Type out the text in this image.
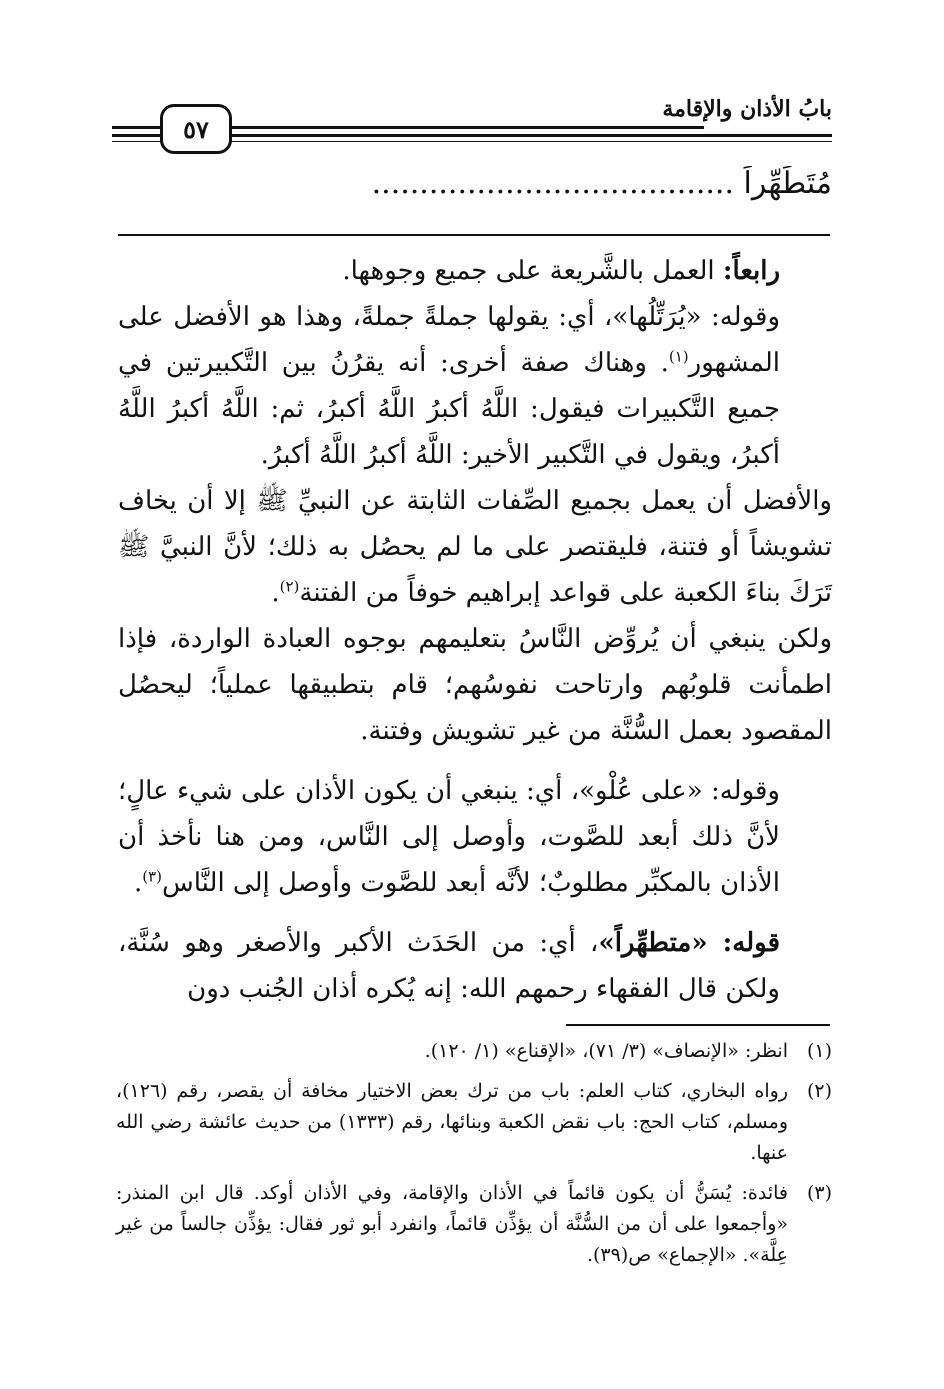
بابُ الأذان والإقامة
٥٧
مُتَطَهِّراً ......................................

رابعاً: العمل بالشَّريعة على جميع وجوهها.

وقوله: «يُرَتِّلُها»، أي: يقولها جملةً جملةً، وهذا هو الأفضل على المشهور$^{(١)}$. وهناك صفة أخرى: أنه يقرُنُ بين التَّكبيرتين في جميع التَّكبيرات فيقول: اللَّهُ أكبرُ اللَّهُ أكبرُ، ثم: اللَّهُ أكبرُ اللَّهُ أكبرُ، ويقول في التَّكبير الأخير: اللَّهُ أكبرُ اللَّهُ أكبرُ.

والأفضل أن يعمل بجميع الصِّفات الثابتة عن النبيِّ ﷺ إلا أن يخاف تشويشاً أو فتنة، فليقتصر على ما لم يحصُل به ذلك؛ لأنَّ النبيَّ ﷺ تَرَكَ بناءَ الكعبة على قواعد إبراهيم خوفاً من الفتنة$^{(٢)}$.

ولكن ينبغي أن يُروِّض النَّاسُ بتعليمهم بوجوه العبادة الواردة، فإذا اطمأنت قلوبُهم وارتاحت نفوسُهم؛ قام بتطبيقها عملياً؛ ليحصُل المقصود بعمل السُّنَّة من غير تشويش وفتنة.

وقوله: «على عُلْو»، أي: ينبغي أن يكون الأذان على شيء عالٍ؛ لأنَّ ذلك أبعد للصَّوت، وأوصل إلى النَّاس، ومن هنا نأخذ أن الأذان بالمكبِّر مطلوبٌ؛ لأنَّه أبعد للصَّوت وأوصل إلى النَّاس$^{(٣)}$.

قوله: «متطهِّراً»، أي: من الحَدَث الأكبر والأصغر وهو سُنَّة، ولكن قال الفقهاء رحمهم الله: إنه يُكره أذان الجُنب دون

(١)
انظر: «الإنصاف» (٣/ ٧١)، «الإقناع» (١/ ١٢٠).
(٢)
رواه البخاري، كتاب العلم: باب من ترك بعض الاختيار مخافة أن يقصر، رقم (١٢٦)، ومسلم، كتاب الحج: باب نقض الكعبة وبنائها، رقم (١٣٣٣) من حديث عائشة رضي الله عنها.
(٣)
فائدة: يُسَنُّ أن يكون قائماً في الأذان والإقامة، وفي الأذان أوكد. قال ابن المنذر: «وأجمعوا على أن من السُّنَّة أن يؤذِّن قائماً، وانفرد أبو ثور فقال: يؤذِّن جالساً من غير عِلَّة». «الإجماع» ص(٣٩).
